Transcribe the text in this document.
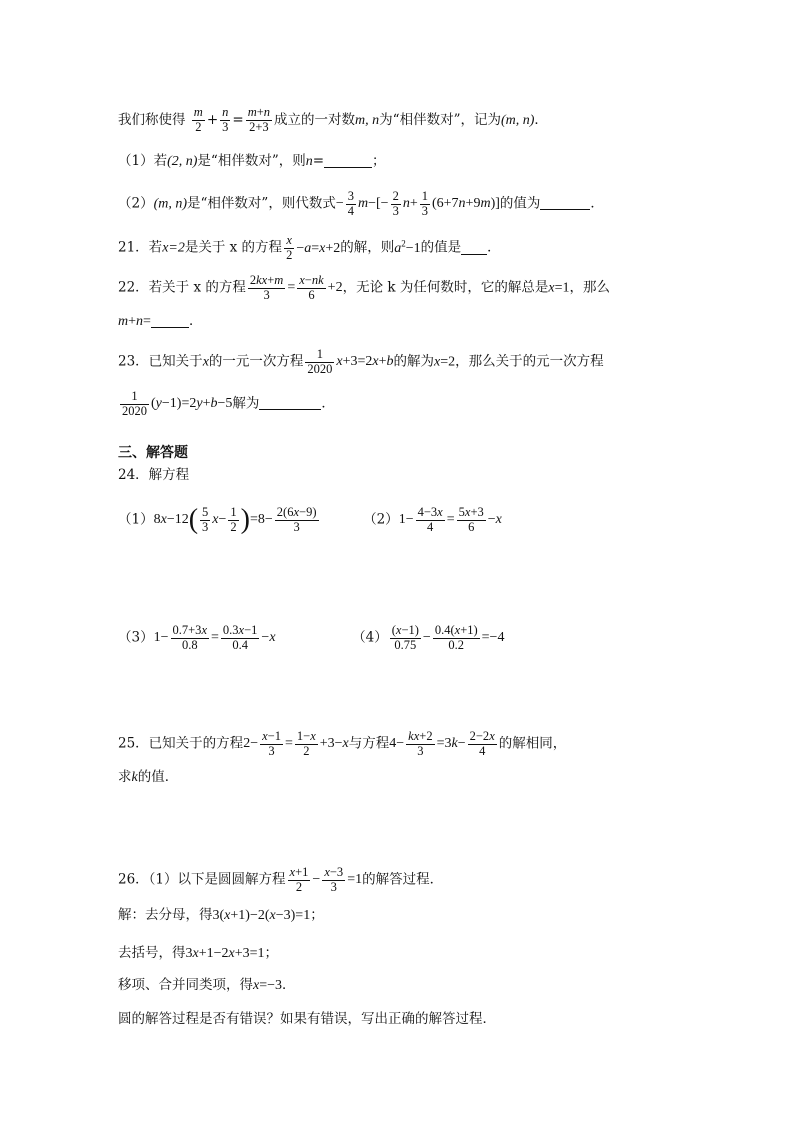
我们称使得 $\frac{m}{2} + \frac{n}{3} = \frac{m+n}{2+3}$ 成立的一对数m, n为“相伴数对”，记为(m, n)．
（1）若(2, n)是“相伴数对”，则n=	；
（2）(m, n)是“相伴数对”，则代数式− $\frac{3}{4} m-[- \frac{2}{3} n+ \frac{1}{3} (6+7n+9m)]$的值为	．
21．若x=2是关于 x 的方程 $\frac{x}{2} -a=x+2$的解，则$a^2-1$的值是 ．
22．若关于 x 的方程 $\frac{2kx+m}{3} = \frac{x-nk}{6} +2$，无论 k 为任何数时，它的解总是x=1，那么
m+n=	．
23．已知关于x的一元一次方程 $\frac{1}{2020} x+3=2x+b$的解为x=2，那么关于的元一次方程
$\frac{1}{2020} (y-1)=2y+b-5$解为	．
三、解答题
24．解方程
$(1)8x-12( \frac{5}{3} x- \frac{1}{2} )=8- \frac{2(6x-9)}{3}$	$(2)1- \frac{4-3x}{4} = \frac{5x+3}{6} -x$
$(3)1- \frac{0.7+3x}{0.8} = \frac{0.3x-1}{0.4} -x$	$(4) \frac{(x-1)}{0.75} - \frac{0.4(x+1)}{0.2} =-4$
25．已知关于的方程$2- \frac{x-1}{3} = \frac{1-x}{2} +3-x$与方程$4- \frac{kx+2}{3} =3k- \frac{2-2x}{4}$ 的解相同，
求k的值．
26．（1）以下是圆圆解方程 $\frac{x+1}{2} - \frac{x-3}{3} =1$的解答过程．
解：去分母，得3(x+1)−2(x−3)=1；
去括号，得3x+1−2x+3=1；
移项、合并同类项，得x=−3．
圆的解答过程是否有错误？如果有错误，写出正确的解答过程．
